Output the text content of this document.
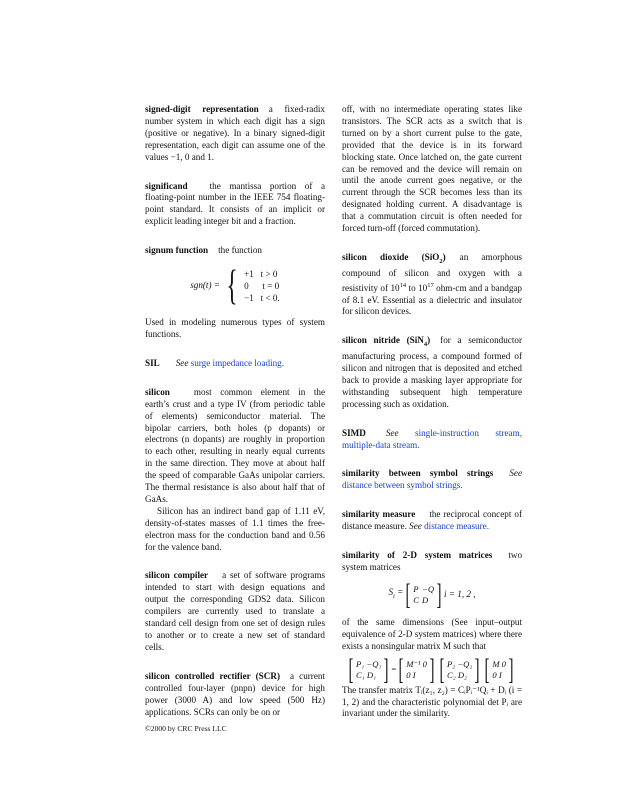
signed-digit representation a fixed-radix number system in which each digit has a sign (positive or negative). In a binary signed-digit representation, each digit can assume one of the values −1, 0 and 1.
significand the mantissa portion of a floating-point number in the IEEE 754 floating-point standard. It consists of an implicit or explicit leading integer bit and a fraction.
signum function the function
sgn(t) = { +1   t > 0
0      t = 0
−1   t < 0.

Used in modeling numerous types of system functions.

SIL See surge impedance loading.
silicon	most common element in the earth’s crust and a type IV (from periodic table of elements) semiconductor material. The bipolar carriers, both holes (p dopants) or electrons (n dopants) are roughly in proportion to each other, resulting in nearly equal currents in the same direction. They move at about half the speed of comparable GaAs unipolar carriers. The thermal resistance is also about half that of GaAs.

Silicon has an indirect band gap of 1.11 eV, density-of-states masses of 1.1 times the free-electron mass for the conduction band and 0.56 for the valence band.

silicon compiler a set of software programs intended to start with design equations and output the corresponding GDS2 data. Silicon compilers are currently used to translate a standard cell design from one set of design rules to another or to create a new set of standard cells.
silicon controlled rectifier (SCR) a current controlled four-layer (pnpn) device for high power (3000 A) and low speed (500 Hz) applications. SCRs can only be on or
off, with no intermediate operating states like transistors. The SCR acts as a switch that is turned on by a short current pulse to the gate, provided that the device is in its forward blocking state. Once latched on, the gate current can be removed and the device will remain on until the anode current goes negative, or the current through the SCR becomes less than its designated holding current. A disadvantage is that a commutation circuit is often needed for forced turn-off (forced commutation).
silicon dioxide (SiO$_2$) an amorphous compound of silicon and oxygen with a resistivity of $10^{14}$ to $10^{17}$ ohm-cm and a bandgap of 8.1 eV. Essential as a dielectric and insulator for silicon devices.
silicon nitride (SiN$_4$) for a semiconductor manufacturing process, a compound formed of silicon and nitrogen that is deposited and etched back to provide a masking layer appropriate for withstanding subsequent high temperature processing such as oxidation.
SIMD See single-instruction stream, multiple-data stream.
similarity between symbol strings See distance between symbol strings.
similarity measure the reciprocal concept of distance measure. See distance measure.
similarity of 2-D system matrices two system matrices
$S_i$ = [ P −Q
C D ] i = 1, 2 ,

of the same dimensions (See input–output equivalence of 2-D system matrices) where there exists a nonsingular matrix M such that

[ P₁ −Q₁
C₁ D₁ ] = [ M⁻¹ 0
0 I ] [ P₂ −Q₂
C₂ D₂ ] [ M 0
0 I ]

The transfer matrix Tᵢ(z₁, z₂) = CᵢPᵢ⁻¹Qᵢ + Dᵢ (i = 1, 2) and the characteristic polynomial det Pᵢ are invariant under the similarity.

©2000 by CRC Press LLC
